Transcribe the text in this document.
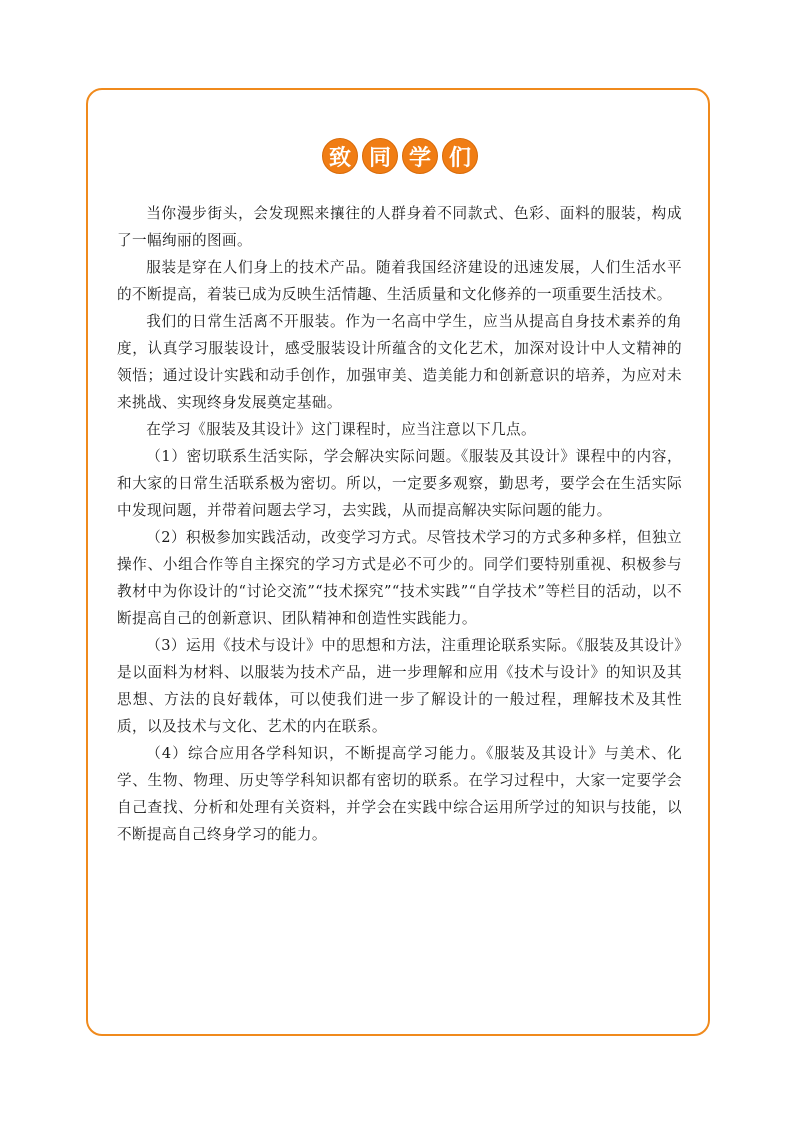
致 同 学 们

当你漫步街头，会发现熙来攘往的人群身着不同款式、色彩、面料的服装，构成了一幅绚丽的图画。

服装是穿在人们身上的技术产品。随着我国经济建设的迅速发展，人们生活水平的不断提高，着装已成为反映生活情趣、生活质量和文化修养的一项重要生活技术。

我们的日常生活离不开服装。作为一名高中学生，应当从提高自身技术素养的角度，认真学习服装设计，感受服装设计所蕴含的文化艺术，加深对设计中人文精神的领悟；通过设计实践和动手创作，加强审美、造美能力和创新意识的培养，为应对未来挑战、实现终身发展奠定基础。

在学习《服装及其设计》这门课程时，应当注意以下几点。

（1）密切联系生活实际，学会解决实际问题。《服装及其设计》课程中的内容，和大家的日常生活联系极为密切。所以，一定要多观察，勤思考，要学会在生活实际中发现问题，并带着问题去学习，去实践，从而提高解决实际问题的能力。

（2）积极参加实践活动，改变学习方式。尽管技术学习的方式多种多样，但独立操作、小组合作等自主探究的学习方式是必不可少的。同学们要特别重视、积极参与教材中为你设计的“讨论交流”“技术探究”“技术实践”“自学技术”等栏目的活动，以不断提高自己的创新意识、团队精神和创造性实践能力。

（3）运用《技术与设计》中的思想和方法，注重理论联系实际。《服装及其设计》是以面料为材料、以服装为技术产品，进一步理解和应用《技术与设计》的知识及其思想、方法的良好载体，可以使我们进一步了解设计的一般过程，理解技术及其性质，以及技术与文化、艺术的内在联系。

（4）综合应用各学科知识，不断提高学习能力。《服装及其设计》与美术、化学、生物、物理、历史等学科知识都有密切的联系。在学习过程中，大家一定要学会自己查找、分析和处理有关资料，并学会在实践中综合运用所学过的知识与技能，以不断提高自己终身学习的能力。
